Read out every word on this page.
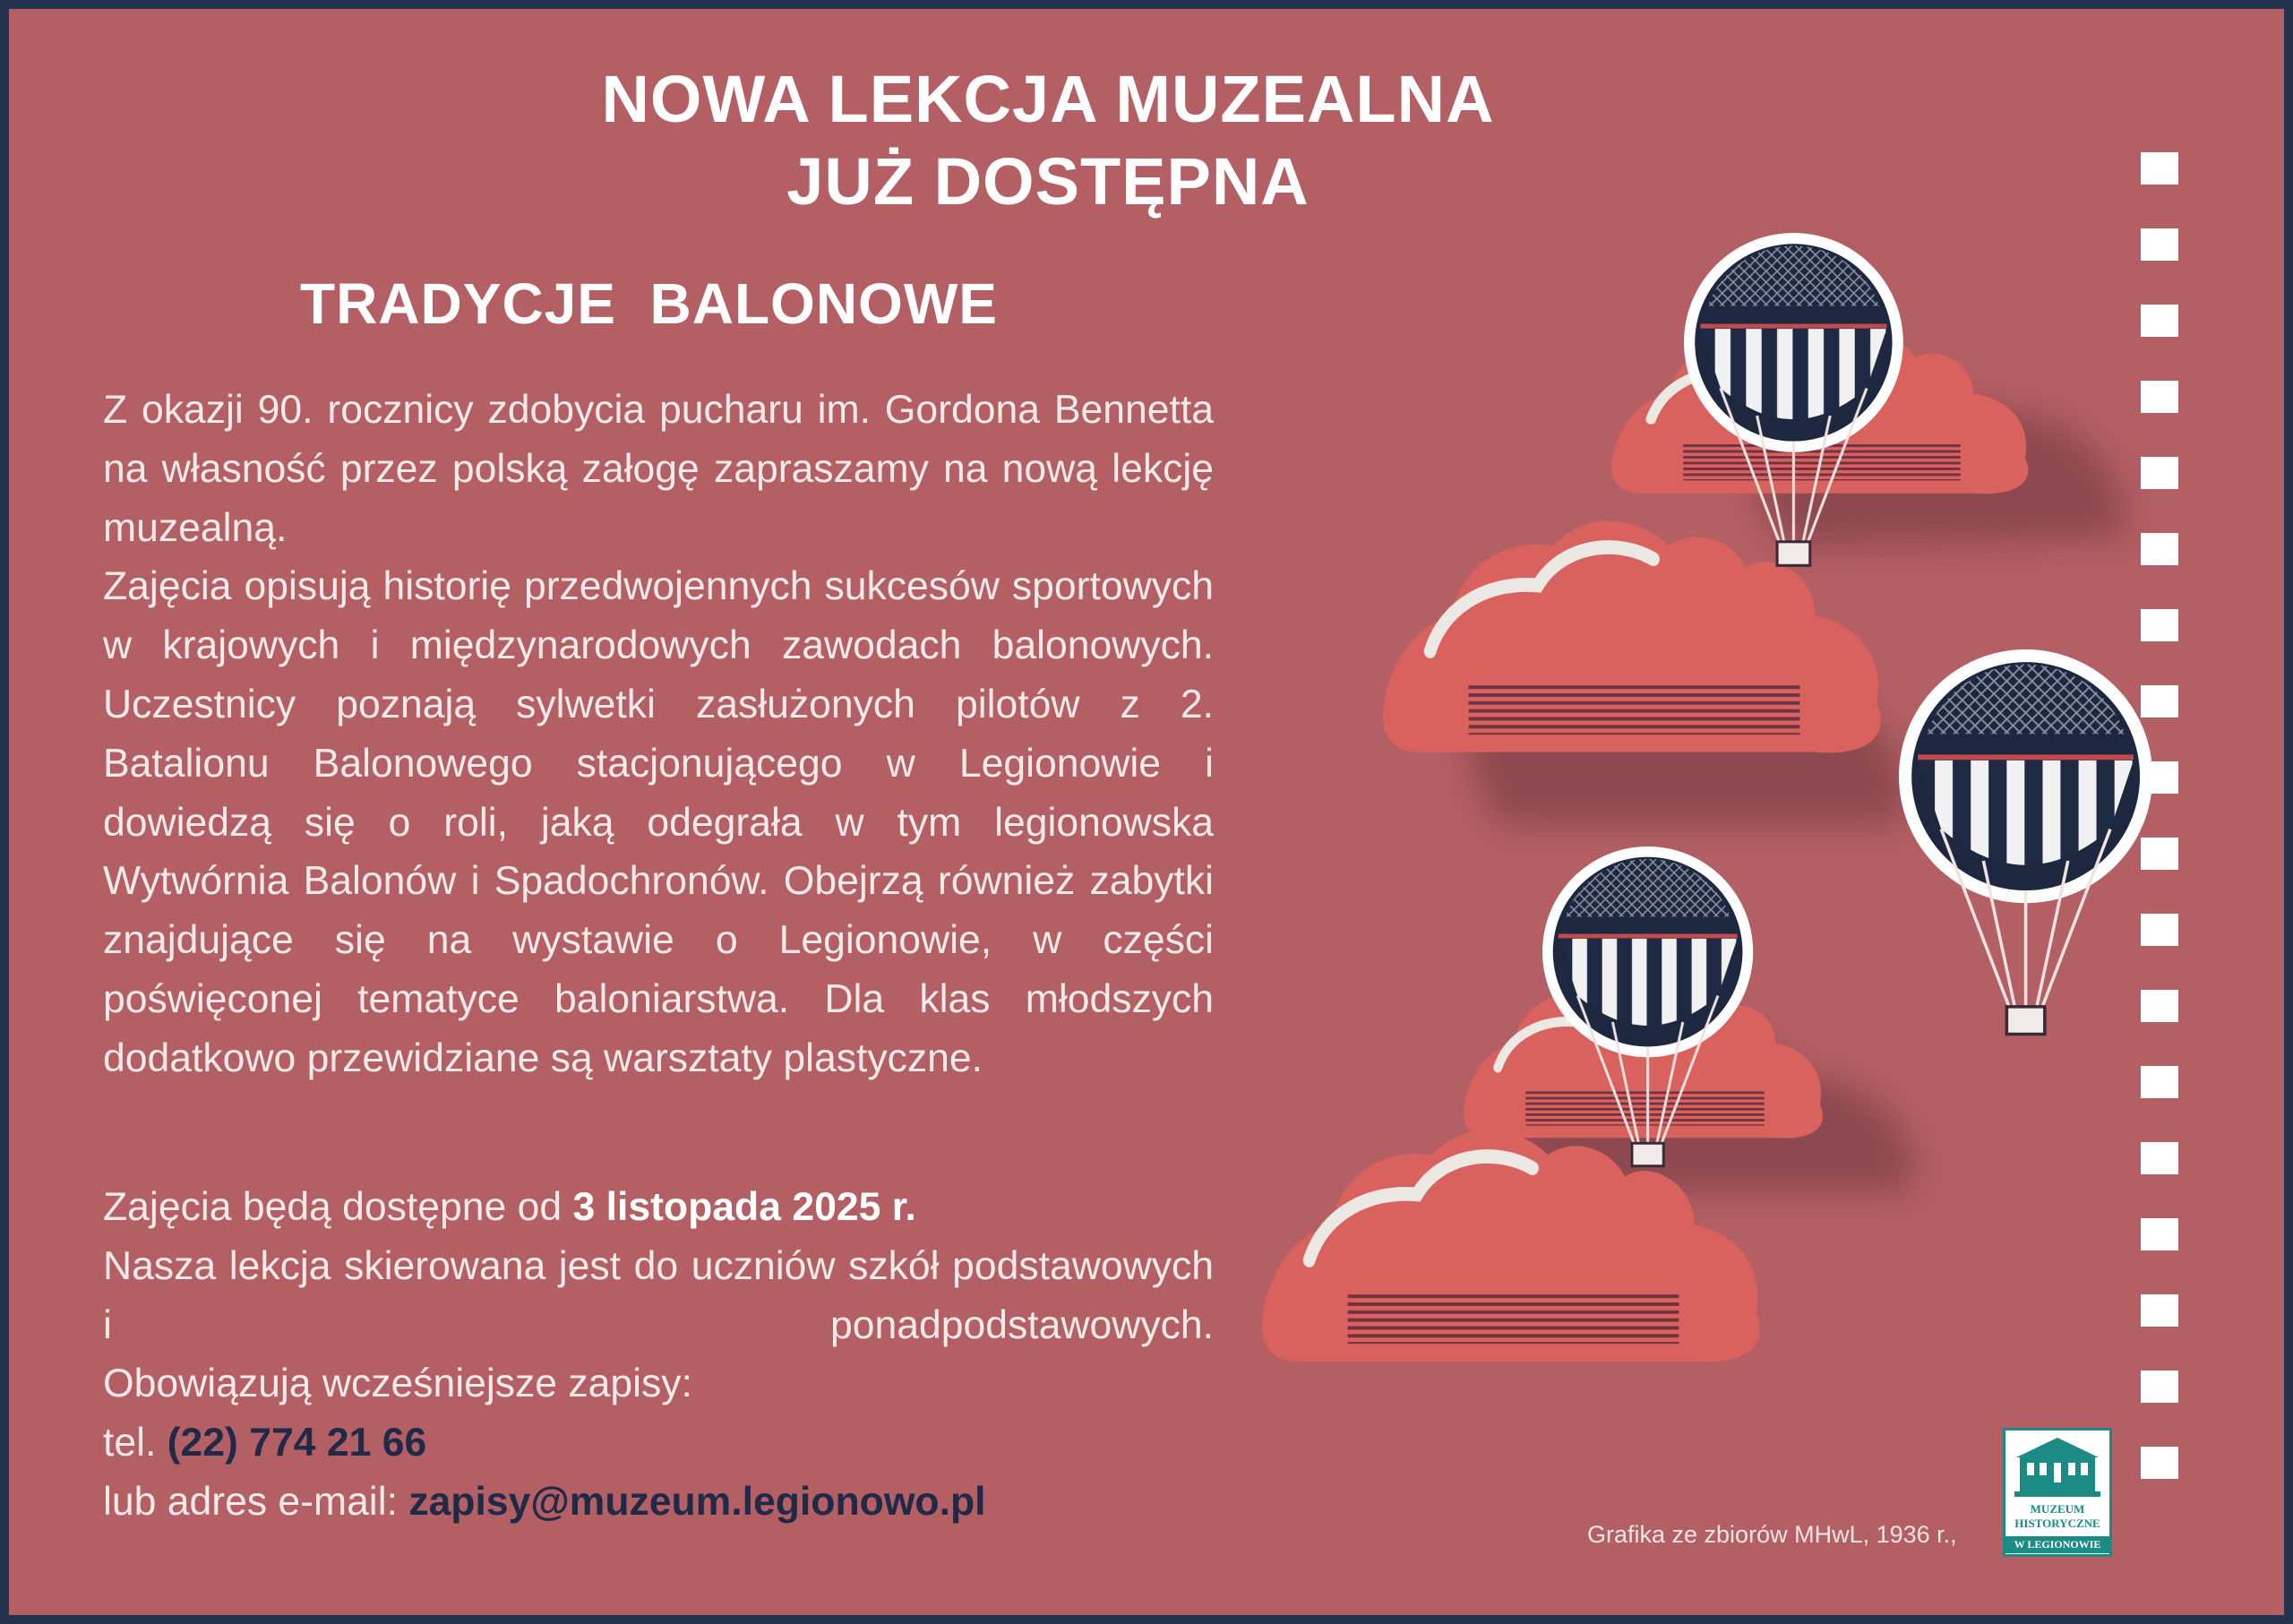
NOWA LEKCJA MUZEALNA
JUŻ DOSTĘPNA
TRADYCJE  BALONOWE

Z okazji 90. rocznicy zdobycia pucharu im. Gordona Bennetta na własność przez polską załogę zapraszamy na nową lekcję muzealną.

Zajęcia opisują historię przedwojennych sukcesów sportowych w krajowych i międzynarodowych zawodach balonowych. Uczestnicy poznają sylwetki zasłużonych pilotów z 2. Batalionu Balonowego stacjonującego w Legionowie i dowiedzą się o roli, jaką odegrała w tym legionowska Wytwórnia Balonów i Spadochronów. Obejrzą również zabytki znajdujące się na wystawie o Legionowie, w części poświęconej tematyce baloniarstwa. Dla klas młodszych dodatkowo przewidziane są warsztaty plastyczne.

Zajęcia będą dostępne od 3 listopada 2025 r.
Nasza lekcja skierowana jest do uczniów szkół podstawowych i ponadpodstawowych.
Obowiązują wcześniejsze zapisy:
tel. (22) 774 21 66
lub adres e-mail: zapisy@muzeum.legionowo.pl
Grafika ze zbiorów MHwL, 1936 r.,
MUZEUM
HISTORYCZNE
W LEGIONOWIE
